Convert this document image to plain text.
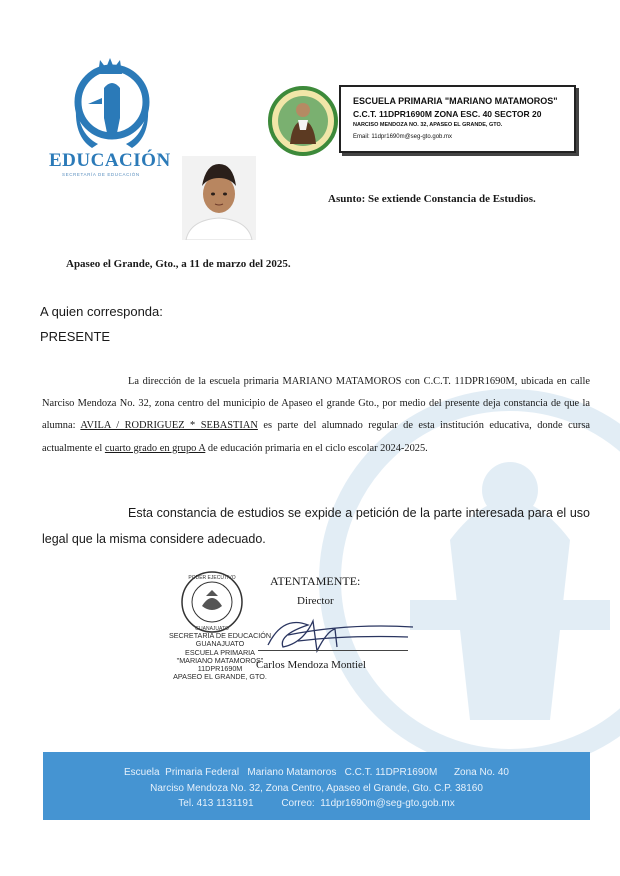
EDUCACIÓN
SECRETARÍA DE EDUCACIÓN
ESCUELA PRIMARIA "MARIANO MATAMOROS"
C.C.T. 11DPR1690M ZONA ESC. 40 SECTOR 20
NARCISO MENDOZA NO. 32, APASEO EL GRANDE, GTO.
Email: 11dpr1690m@seg-gto.gob.mx
Asunto: Se extiende Constancia de Estudios.
Apaseo el Grande, Gto., a 11 de marzo del 2025.
A quien corresponda:
PRESENTE
La dirección de la escuela primaria MARIANO MATAMOROS con C.C.T. 11DPR1690M, ubicada en calle Narciso Mendoza No. 32, zona centro del municipio de Apaseo el grande Gto., por medio del presente deja constancia de que la alumna: AVILA / RODRIGUEZ * SEBASTIAN es parte del alumnado regular de esta institución educativa, donde cursa actualmente el cuarto grado en grupo A de educación primaria en el ciclo escolar 2024-2025.
Esta constancia de estudios se expide a petición de la parte interesada para el uso legal que la misma considere adecuado.
PODER EJECUTIVO
GUANAJUATO
SECRETARÍA DE EDUCACIÓN
GUANAJUATO
ESCUELA PRIMARIA
"MARIANO MATAMOROS"
11DPR1690M
APASEO EL GRANDE, GTO.
ATENTAMENTE:
Director
Carlos Mendoza Montiel
Escuela  Primaria Federal   Mariano Matamoros   C.C.T. 11DPR1690M      Zona No. 40
Narciso Mendoza No. 32, Zona Centro, Apaseo el Grande, Gto. C.P. 38160
Tel. 413 1131191          Correo:  11dpr1690m@seg-gto.gob.mx
